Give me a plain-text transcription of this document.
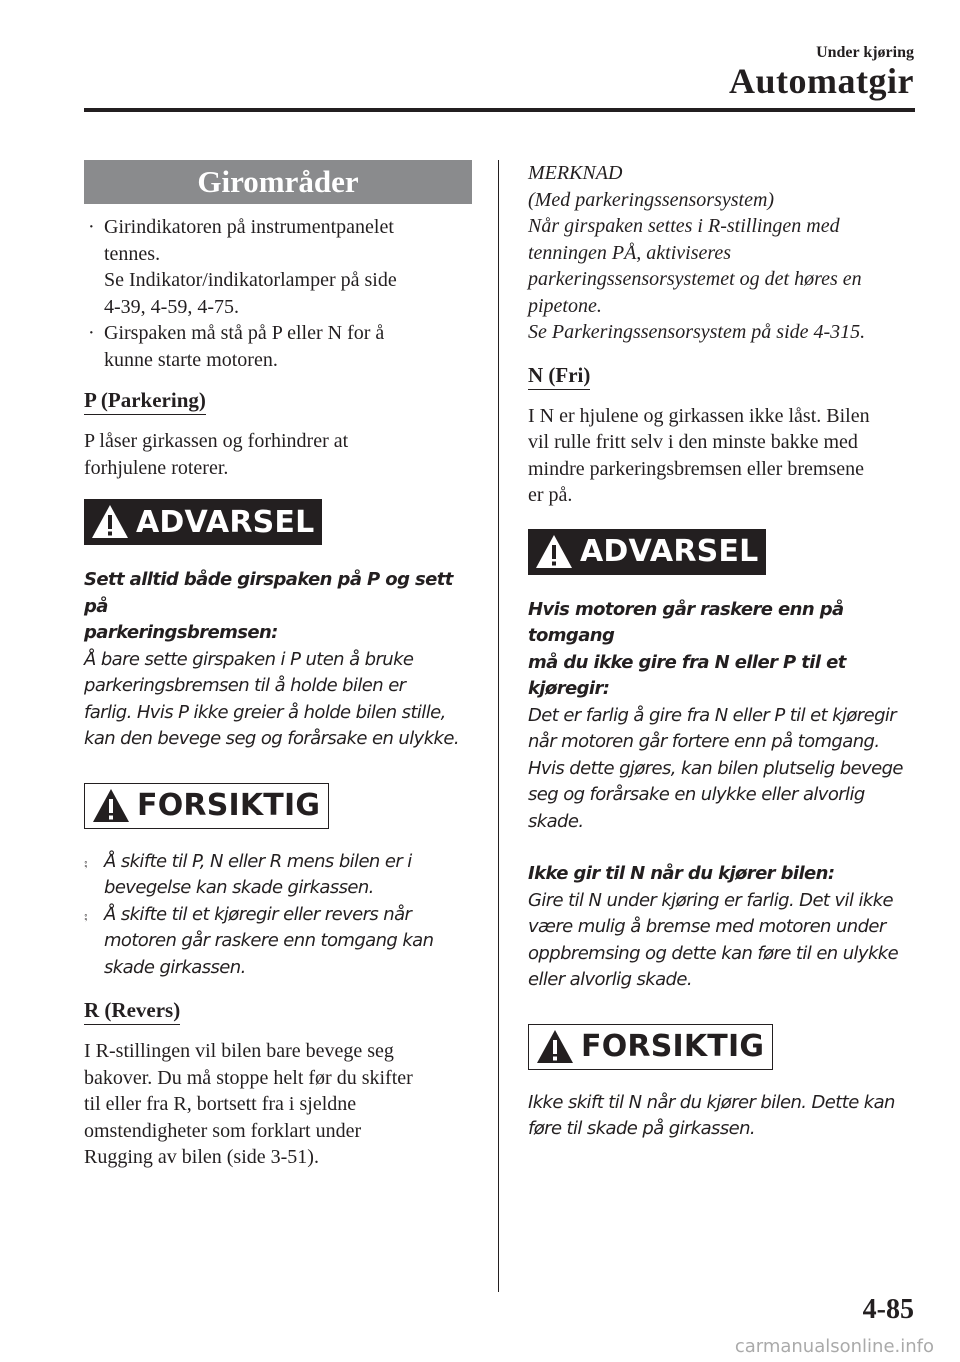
Under kjøring
Automatgir
Girområder
· Girindikatoren på instrumentpanelet
tennes.
Se Indikator/indikatorlamper på side
4-39, 4-59, 4-75.
· Girspaken må stå på P eller N for å
kunne starte motoren.
P (Parkering)

P låser girkassen og forhindrer at
forhjulene roterer.

ADVARSEL

Sett alltid både girspaken på P og sett på
parkeringsbremsen:
Å bare sette girspaken i P uten å bruke
parkeringsbremsen til å holde bilen er
farlig. Hvis P ikke greier å holde bilen stille,
kan den bevege seg og forårsake en ulykke.

FORSIKTIG
⨾ Å skifte til P, N eller R mens bilen er i
bevegelse kan skade girkassen.
⨾ Å skifte til et kjøregir eller revers når
motoren går raskere enn tomgang kan
skade girkassen.
R (Revers)

I R-stillingen vil bilen bare bevege seg
bakover. Du må stoppe helt før du skifter
til eller fra R, bortsett fra i sjeldne
omstendigheter som forklart under
Rugging av bilen (side 3-51).

MERKNAD
(Med parkeringssensorsystem)
Når girspaken settes i R-stillingen med
tenningen PÅ, aktiviseres
parkeringssensorsystemet og det høres en
pipetone.
Se Parkeringssensorsystem på side 4-315.

N (Fri)

I N er hjulene og girkassen ikke låst. Bilen
vil rulle fritt selv i den minste bakke med
mindre parkeringsbremsen eller bremsene
er på.

ADVARSEL

Hvis motoren går raskere enn på tomgang
må du ikke gire fra N eller P til et kjøregir:
Det er farlig å gire fra N eller P til et kjøregir
når motoren går fortere enn på tomgang.
Hvis dette gjøres, kan bilen plutselig bevege
seg og forårsake en ulykke eller alvorlig
skade.

Ikke gir til N når du kjører bilen:
Gire til N under kjøring er farlig. Det vil ikke
være mulig å bremse med motoren under
oppbremsing og dette kan føre til en ulykke
eller alvorlig skade.

FORSIKTIG

Ikke skift til N når du kjører bilen. Dette kan
føre til skade på girkassen.

4-85
carmanualsonline.info
